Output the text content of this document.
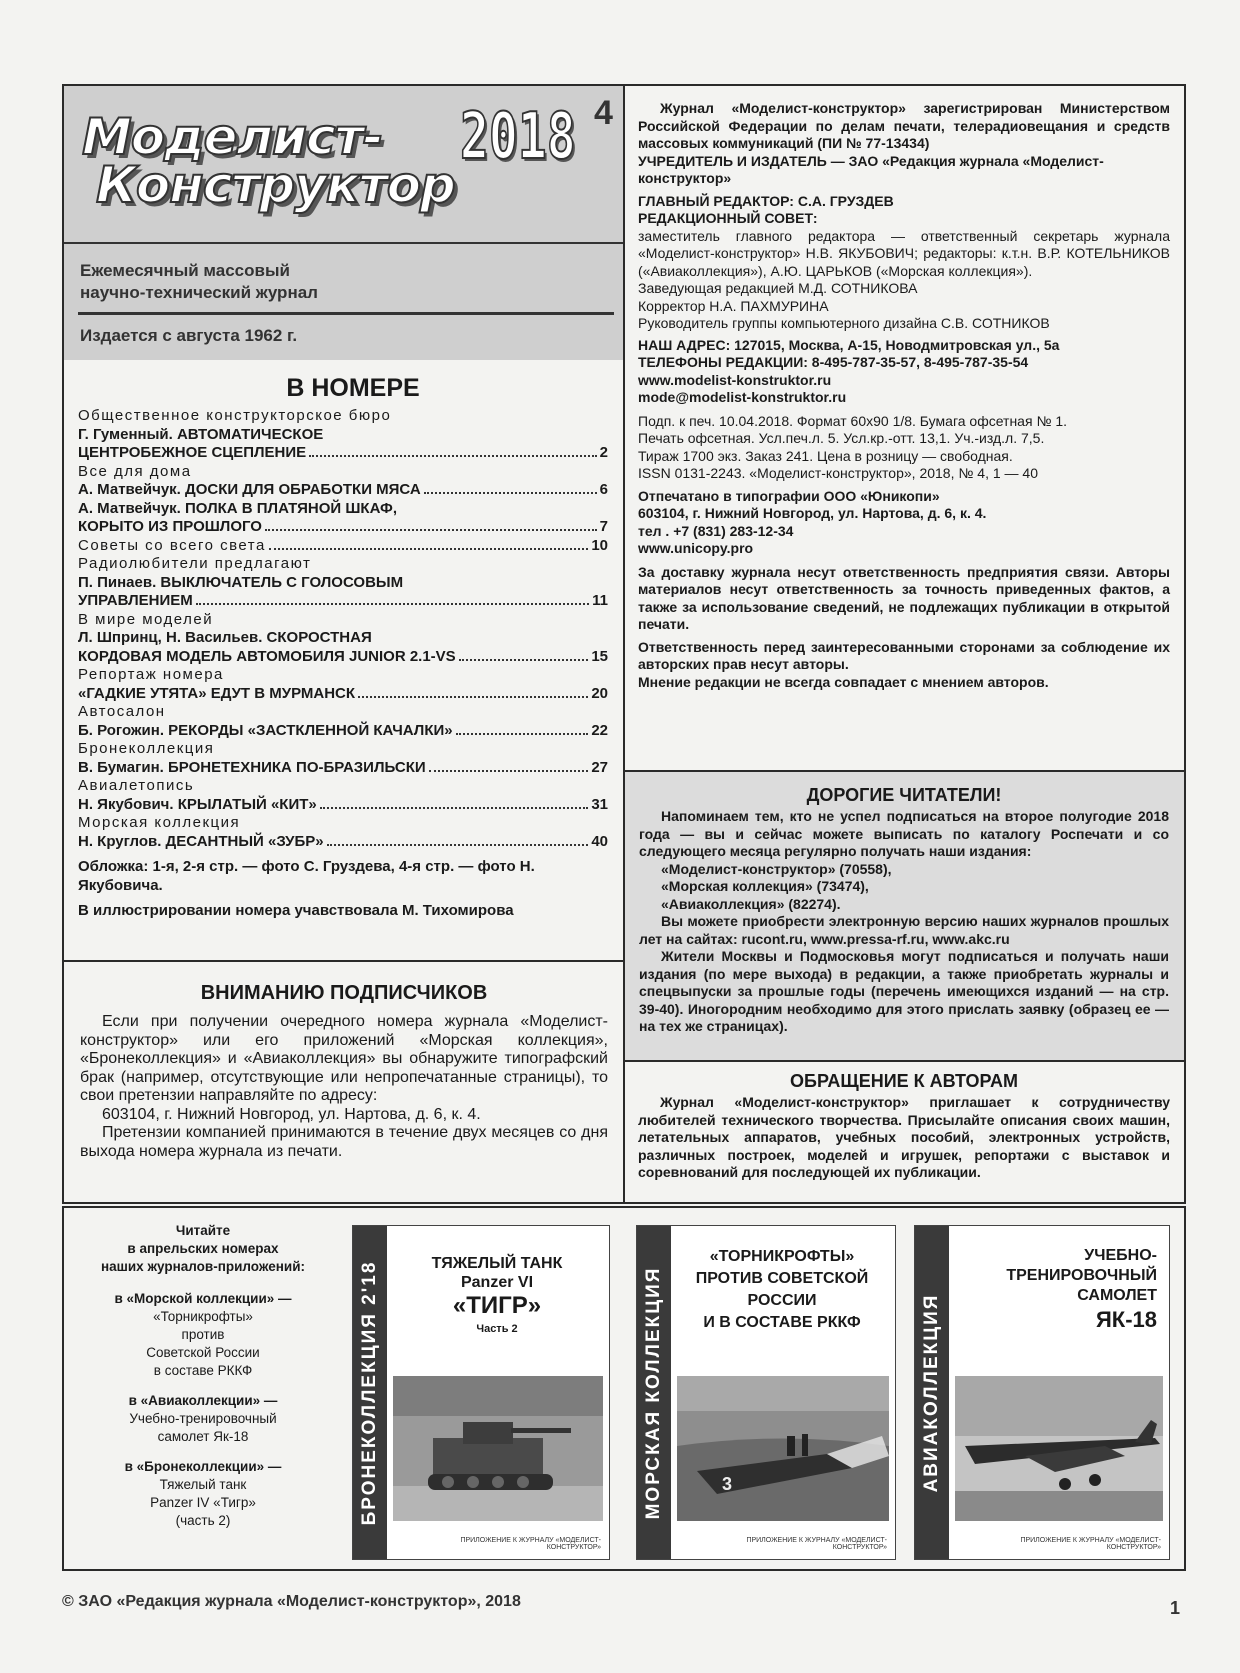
Моделист-
Конструктор
2018 4
Ежемесячный массовый
научно-технический журнал
Издается с августа 1962 г.
В НОМЕРЕ
Общественное конструкторское бюро
Г. Гуменный. АВТОМАТИЧЕСКОЕ
ЦЕНТРОБЕЖНОЕ СЦЕПЛЕНИЕ	2
Все для дома
А. Матвейчук. ДОСКИ ДЛЯ ОБРАБОТКИ МЯСА	6
А. Матвейчук. ПОЛКА В ПЛАТЯНОЙ ШКАФ,
КОРЫТО ИЗ ПРОШЛОГО	7
Советы со всего света	10
Радиолюбители предлагают
П. Пинаев. ВЫКЛЮЧАТЕЛЬ С ГОЛОСОВЫМ
УПРАВЛЕНИЕМ	11
В мире моделей
Л. Шпринц, Н. Васильев. СКОРОСТНАЯ
КОРДОВАЯ МОДЕЛЬ АВТОМОБИЛЯ JUNIOR 2.1-VS	15
Репортаж номера
«ГАДКИЕ УТЯТА» ЕДУТ В МУРМАНСК	20
Автосалон
Б. Рогожин. РЕКОРДЫ «ЗАСТКЛЕННОЙ КАЧАЛКИ»	22
Бронеколлекция
В. Бумагин. БРОНЕТЕХНИКА ПО-БРАЗИЛЬСКИ	27
Авиалетопись
Н. Якубович. КРЫЛАТЫЙ «КИТ»	31
Морская коллекция
Н. Круглов. ДЕСАНТНЫЙ «ЗУБР»	40
Обложка: 1-я, 2-я стр. — фото С. Груздева, 4-я стр. — фото Н. Якубовича.
В иллюстрировании номера учавствовала М. Тихомирова
ВНИМАНИЮ ПОДПИСЧИКОВ

Если при получении очередного номера журнала «Моделист-конструктор» или его приложений «Морская коллекция», «Бронеколлекция» и «Авиаколлекция» вы обнаружите типографский брак (например, отсутствующие или непропечатанные страницы), то свои претензии направляйте по адресу:

603104, г. Нижний Новгород, ул. Нартова, д. 6, к. 4.

Претензии компанией принимаются в течение двух месяцев со дня выхода номера журнала из печати.

Журнал «Моделист-конструктор» зарегистрирован Министерством Российской Федерации по делам печати, телерадиовещания и средств массовых коммуникаций (ПИ № 77-13434)
УЧРЕДИТЕЛЬ И ИЗДАТЕЛЬ — ЗАО «Редакция журнала «Моделист-конструктор»
ГЛАВНЫЙ РЕДАКТОР: С.А. ГРУЗДЕВ
РЕДАКЦИОННЫЙ СОВЕТ:
заместитель главного редактора — ответственный секретарь журнала «Моделист-конструктор» Н.В. ЯКУБОВИЧ; редакторы: к.т.н. В.Р. КОТЕЛЬНИКОВ («Авиаколлекция»), А.Ю. ЦАРЬКОВ («Морская коллекция»).
Заведующая редакцией М.Д. СОТНИКОВА
Корректор Н.А. ПАХМУРИНА
Руководитель группы компьютерного дизайна С.В. СОТНИКОВ
НАШ АДРЕС: 127015, Москва, А-15, Новодмитровская ул., 5а
ТЕЛЕФОНЫ РЕДАКЦИИ: 8-495-787-35-57, 8-495-787-35-54
www.modelist-konstruktor.ru
mode@modelist-konstruktor.ru
Подп. к печ. 10.04.2018. Формат 60х90 1/8. Бумага офсетная № 1.
Печать офсетная. Усл.печ.л. 5. Усл.кр.-отт. 13,1. Уч.-изд.л. 7,5.
Тираж 1700 экз. Заказ 241. Цена в розницу — свободная.
ISSN 0131-2243. «Моделист-конструктор», 2018, № 4, 1 — 40
Отпечатано в типографии ООО «Юникопи»
603104, г. Нижний Новгород, ул. Нартова, д. 6, к. 4.
тел . +7 (831) 283-12-34
www.unicopy.pro
За доставку журнала несут ответственность предприятия связи. Авторы материалов несут ответственность за точность приведенных фактов, а также за использование сведений, не подлежащих публикации в открытой печати.
Ответственность перед заинтересованными сторонами за соблюдение их авторских прав несут авторы.
Мнение редакции не всегда совпадает с мнением авторов.
ДОРОГИЕ ЧИТАТЕЛИ!
Напоминаем тем, кто не успел подписаться на второе полугодие 2018 года — вы и сейчас можете выписать по каталогу Роспечати и со следующего месяца регулярно получать наши издания:
«Моделист-конструктор» (70558),
«Морская коллекция» (73474),
«Авиаколлекция» (82274).
Вы можете приобрести электронную версию наших журналов прошлых лет на сайтах: rucont.ru, www.pressa-rf.ru, www.akc.ru
Жители Москвы и Подмосковья могут подписаться и получать наши издания (по мере выхода) в редакции, а также приобретать журналы и спецвыпуски за прошлые годы (перечень имеющихся изданий — на стр. 39-40). Иногородним необходимо для этого прислать заявку (образец ее — на тех же страницах).
ОБРАЩЕНИЕ К АВТОРАМ
Журнал «Моделист-конструктор» приглашает к сотрудничеству любителей технического творчества. Присылайте описания своих машин, летательных аппаратов, учебных пособий, электронных устройств, различных построек, моделей и игрушек, репортажи с выставок и соревнований для последующей их публикации.
Читайте
в апрельских номерах
наших журналов-приложений:
в «Морской коллекции» —
«Торникрофты»
против
Советской России
в составе РККФ
в «Авиаколлекции» —
Учебно-тренировочный
самолет Як-18
в «Бронеколлекции» —
Тяжелый танк
Panzer IV «Тигр»
(часть 2)	БРОНЕКОЛЛЕКЦИЯ 2'18	ТЯЖЕЛЫЙ ТАНК
Panzer VI
«ТИГР»
Часть 2
ПРИЛОЖЕНИЕ К ЖУРНАЛУ «МОДЕЛИСТ-КОНСТРУКТОР»
МОРСКАЯ КОЛЛЕКЦИЯ
«ТОРНИКРОФТЫ»
ПРОТИВ СОВЕТСКОЙ
РОССИИ
И В СОСТАВЕ РККФ
3
ПРИЛОЖЕНИЕ К ЖУРНАЛУ «МОДЕЛИСТ-КОНСТРУКТОР»
АВИАКОЛЛЕКЦИЯ
УЧЕБНО-
ТРЕНИРОВОЧНЫЙ
САМОЛЕТ
ЯК-18
ПРИЛОЖЕНИЕ К ЖУРНАЛУ «МОДЕЛИСТ-КОНСТРУКТОР»
© ЗАО «Редакция журнала «Моделист-конструктор», 2018	1
